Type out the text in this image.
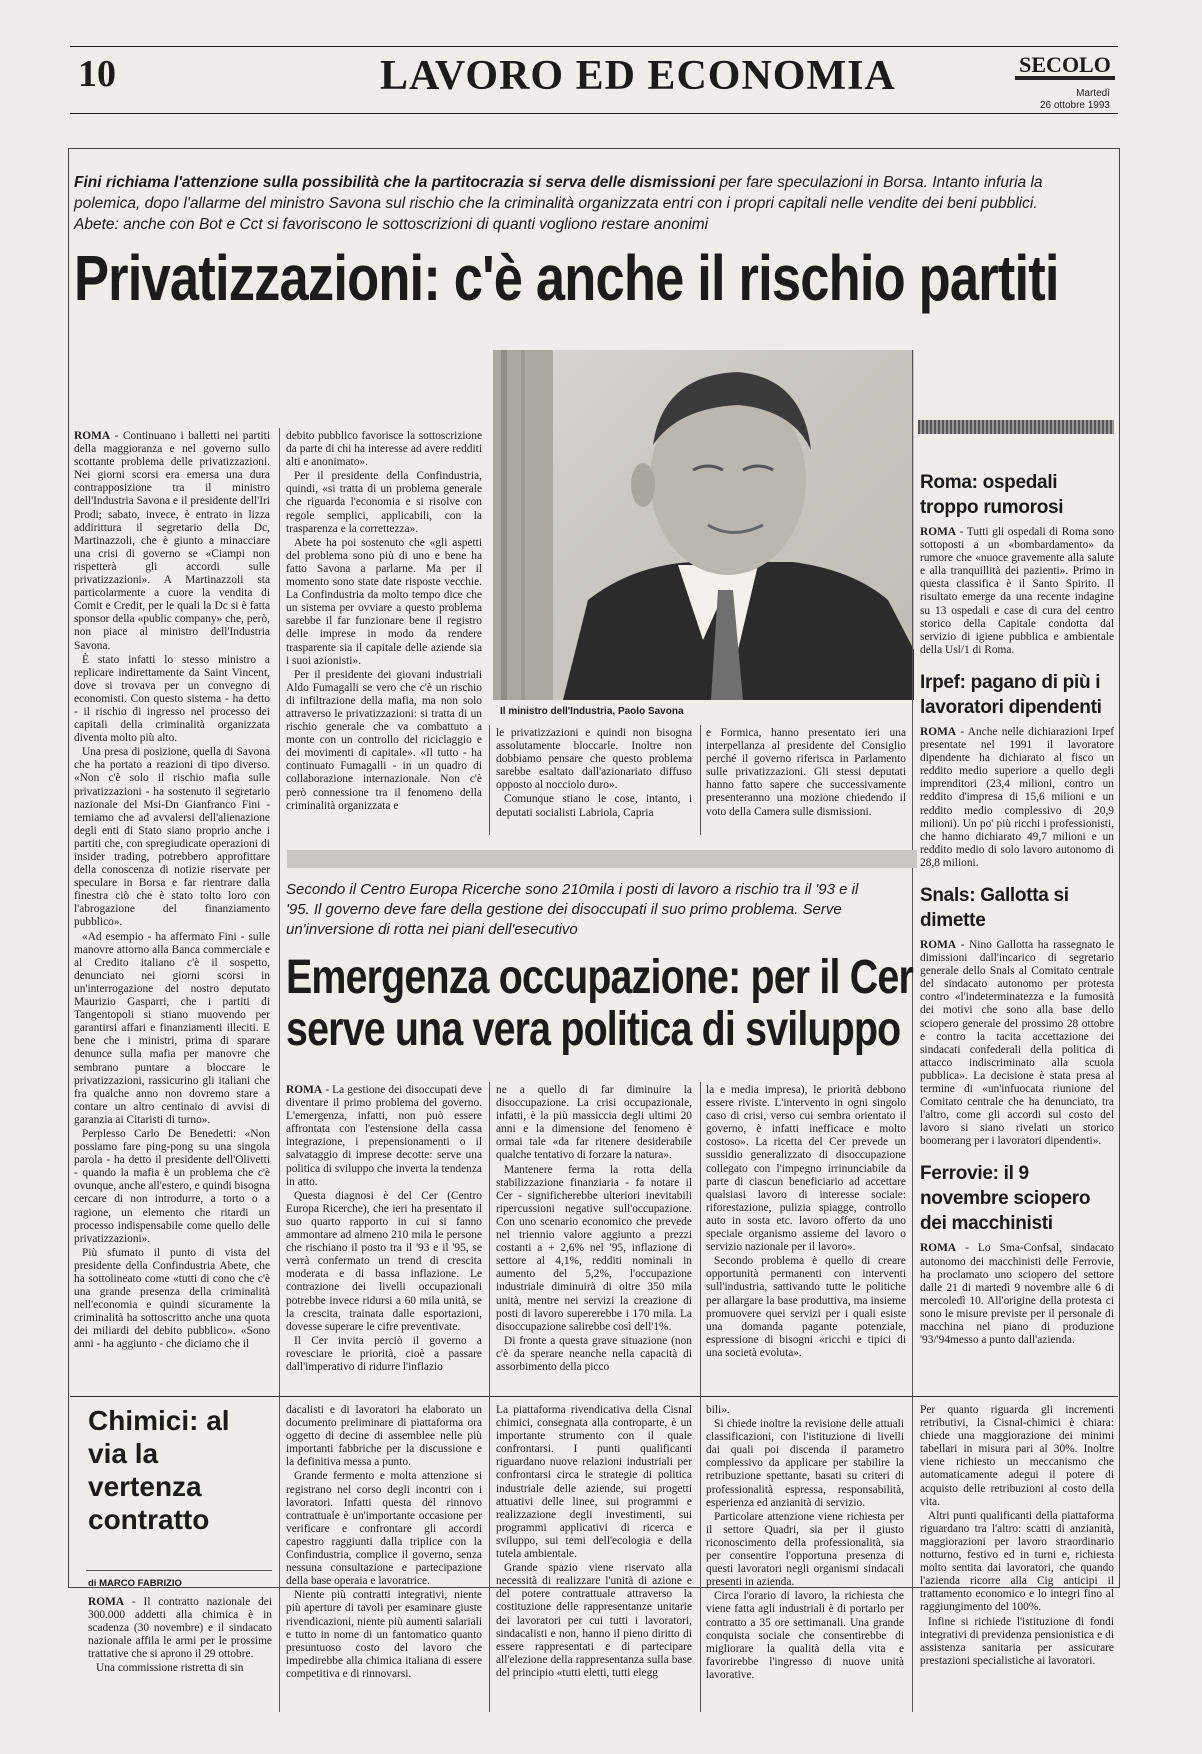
10	LAVORO ED ECONOMIA	SECOLO
Martedì
26 ottobre 1993
Fini richiama l'attenzione sulla possibilità che la partitocrazia si serva delle dismissioni per fare speculazioni in Borsa. Intanto infuria la polemica, dopo l'allarme del ministro Savona sul rischio che la criminalità organizzata entri con i propri capitali nelle vendite dei beni pubblici. Abete: anche con Bot e Cct si favoriscono le sottoscrizioni di quanti vogliono restare anonimi
Privatizzazioni: c'è anche il rischio partiti
Il ministro dell'Industria, Paolo Savona

ROMA - Continuano i balletti nei partiti della maggioranza e nel governo sullo scottante problema delle privatizzazioni. Nei giorni scorsi era emersa una dura contrapposizione tra il ministro dell'Industria Savona e il presidente dell'Iri Prodi; sabato, invece, è entrato in lizza addirittura il segretario della Dc, Martinazzoli, che è giunto a minacciare una crisi di governo se «Ciampi non rispetterà gli accordi sulle privatizzazioni». A Martinazzoli sta particolarmente a cuore la vendita di Comit e Credit, per le quali la Dc si è fatta sponsor della «public company» che, però, non piace al ministro dell'Industria Savona.

È stato infatti lo stesso ministro a replicare indirettamente da Saint Vincent, dove si trovava per un convegno di economisti. Con questo sistema - ha detto - il rischio di ingresso nel processo dei capitali della criminalità organizzata diventa molto più alto.

Una presa di posizione, quella di Savona che ha portato a reazioni di tipo diverso. «Non c'è solo il rischio mafia sulle privatizzazioni - ha sostenuto il segretario nazionale del Msi-Dn Gianfranco Fini - temiamo che ad avvalersi dell'alienazione degli enti di Stato siano proprio anche i partiti che, con spregiudicate operazioni di insider trading, potrebbero approfittare della conoscenza di notizie riservate per speculare in Borsa e far rientrare dalla finestra ciò che è stato tolto loro con l'abrogazione del finanziamento pubblico».

«Ad esempio - ha affermato Fini - sulle manovre attorno alla Banca commerciale e al Credito italiano c'è il sospetto, denunciato nei giorni scorsi in un'interrogazione del nostro deputato Maurizio Gasparri, che i partiti di Tangentopoli si stiano muovendo per garantirsi affari e finanziamenti illeciti. E bene che i ministri, prima di sparare denunce sulla mafia per manovre che sembrano puntare a bloccare le privatizzazioni, rassicurino gli italiani che fra qualche anno non dovremo stare a contare un altro centinaio di avvisi di garanzia ai Citaristi di turno».

Perplesso Carlo De Benedetti: «Non possiamo fare ping-pong su una singola parola - ha detto il presidente dell'Olivetti - quando la mafia è un problema che c'è ovunque, anche all'estero, e quindi bisogna cercare di non introdurre, a torto o a ragione, un elemento che ritardi un processo indispensabile come quello delle privatizzazioni».

Più sfumato il punto di vista del presidente della Confindustria Abete, che ha sottolineato come «tutti di cono che c'è una grande presenza della criminalità nell'economia e quindi sicuramente la criminalità ha sottoscritto anche una quota dei miliardi del debito pubblico». «Sono anni - ha aggiunto - che diciamo che il

debito pubblico favorisce la sottoscrizione da parte di chi ha interesse ad avere redditi alti e anonimato».

Per il presidente della Confindustria, quindi, «si tratta di un problema generale che riguarda l'economia e si risolve con regole semplici, applicabili, con la trasparenza e la correttezza».

Abete ha poi sostenuto che «gli aspetti del problema sono più di uno e bene ha fatto Savona a parlarne. Ma per il momento sono state date risposte vecchie. La Confindustria da molto tempo dice che un sistema per ovviare a questo problema sarebbe il far funzionare bene il registro delle imprese in modo da rendere trasparente sia il capitale delle aziende sia i suoi azionisti».

Per il presidente dei giovani industriali Aldo Fumagalli se vero che c'è un rischio di infiltrazione della mafia, ma non solo attraverso le privatizzazioni: si tratta di un rischio generale che va combattuto a monte con un controllo del riciclaggio e dei movimenti di capitale». «Il tutto - ha continuato Fumagalli - in un quadro di collaborazione internazionale. Non c'è però connessione tra il fenomeno della criminalità organizzata e

le privatizzazioni e quindi non bisogna assolutamente bloccarle. Inoltre non dobbiamo pensare che questo problema sarebbe esaltato dall'azionariato diffuso opposto al nocciolo duro».

Comunque stiano le cose, intanto, i deputati socialisti Labriola, Capria

e Formica, hanno presentato ieri una interpellanza al presidente del Consiglio perché il governo riferisca in Parlamento sulle privatizzazioni. Gli stessi deputati hanno fatto sapere che successivamente presenteranno una mozione chiedendo il voto della Camera sulle dismissioni.

Secondo il Centro Europa Ricerche sono 210mila i posti di lavoro a rischio tra il '93 e il '95. Il governo deve fare della gestione dei disoccupati il suo primo problema. Serve un'inversione di rotta nei piani dell'esecutivo
Emergenza occupazione: per il Cer
serve una vera politica di sviluppo

ROMA - La gestione dei disoccupati deve diventare il primo problema del governo. L'emergenza, infatti, non può essere affrontata con l'estensione della cassa integrazione, i prepensionamenti o il salvataggio di imprese decotte: serve una politica di sviluppo che inverta la tendenza in atto.

Questa diagnosi è del Cer (Centro Europa Ricerche), che ieri ha presentato il suo quarto rapporto in cui si fanno ammontare ad almeno 210 mila le persone che rischiano il posto tra il '93 e il '95, se verrà confermato un trend di crescita moderata e di bassa inflazione. Le contrazione dei livelli occupazionali potrebbe invece ridursi a 60 mila unità, se la crescita, trainata dalle esportazioni, dovesse superare le cifre preventivate.

Il Cer invita perciò il governo a rovesciare le priorità, cioè a passare dall'imperativo di ridurre l'inflazio

ne a quello di far diminuire la disoccupazione. La crisi occupazionale, infatti, è la più massiccia degli ultimi 20 anni e la dimensione del fenomeno è ormai tale «da far ritenere desiderabile qualche tentativo di forzare la natura».

Mantenere ferma la rotta della stabilizzazione finanziaria - fa notare il Cer - significherebbe ulteriori inevitabili ripercussioni negative sull'occupazione. Con uno scenario economico che prevede nel triennio valore aggiunto a prezzi costanti a + 2,6% nel '95, inflazione di settore al 4,1%, redditi nominali in aumento del 5,2%, l'occupazione industriale diminuirà di oltre 350 mila unità, mentre nei servizi la creazione di posti di lavoro supererebbe i 170 mila. La disoccupazione salirebbe così dell'1%.

Di fronte a questa grave situazione (non c'è da sperare neanche nella capacità di assorbimento della picco

la e media impresa), le priorità debbono essere riviste. L'intervento in ogni singolo caso di crisi, verso cui sembra orientato il governo, è infatti inefficace e molto costoso». La ricetta del Cer prevede un sussidio generalizzato di disoccupazione collegato con l'impegno irrinunciabile da parte di ciascun beneficiario ad accettare qualsiasi lavoro di interesse sociale: riforestazione, pulizia spiagge, controllo auto in sosta etc. lavoro offerto da uno speciale organismo assieme del lavoro o servizio nazionale per il lavoro».

Secondo problema è quello di creare opportunità permanenti con interventi sull'industria, sattivando tutte le politiche per allargare la base produttiva, ma insieme promuovere quei servizi per i quali esiste una domanda pagante potenziale, espressione di bisogni «ricchi e tipici di una società evoluta».

Roma: ospedali troppo rumorosi

ROMA - Tutti gli ospedali di Roma sono sottoposti a un «bombardamento» da rumore che «nuoce gravemente alla salute e alla tranquillità dei pazienti». Primo in questa classifica è il Santo Spirito. Il risultato emerge da una recente indagine su 13 ospedali e case di cura del centro storico della Capitale condotta dal servizio di igiene pubblica e ambientale della Usl/1 di Roma.

Irpef: pagano di più i lavoratori dipendenti

ROMA - Anche nelle dichiarazioni Irpef presentate nel 1991 il lavoratore dipendente ha dichiarato al fisco un reddito medio superiore a quello degli imprenditori (23,4 milioni, contro un reddito d'impresa di 15,6 milioni e un reddito medio complessivo di 20,9 milioni). Un po' più ricchi i professionisti, che hanno dichiarato 49,7 milioni e un reddito medio di solo lavoro autonomo di 28,8 milioni.

Snals: Gallotta si dimette

ROMA - Nino Gallotta ha rassegnato le dimissioni dall'incarico di segretario generale dello Snals al Comitato centrale del sindacato autonomo per protesta contro «l'indeterminatezza e la fumosità dei motivi che sono alla base dello sciopero generale del prossimo 28 ottobre e contro la tacita accettazione dei sindacati confederali della politica di attacco indiscriminato alla scuola pubblica». La decisione è stata presa al termine di «un'infuocata riunione del Comitato centrale che ha denunciato, tra l'altro, come gli accordi sul costo del lavoro si siano rivelati un storico boomerang per i lavoratori dipendenti».

Ferrovie: il 9 novembre sciopero dei macchinisti

ROMA - Lo Sma-Confsal, sindacato autonomo dei macchinisti delle Ferrovie, ha proclamato uno sciopero del settore dalle 21 di martedì 9 novembre alle 6 di mercoledì 10. All'origine della protesta ci sono le misure previste per il personale di macchina nel piano di produzione '93/'94messo a punto dall'azienda.

Chimici: al via la vertenza contratto
di MARCO FABRIZIO

ROMA - Il contratto nazionale dei 300.000 addetti alla chimica è in scadenza (30 novembre) e il sindacato nazionale affila le armi per le prossime trattative che si aprono il 29 ottobre.

Una commissione ristretta di sin

dacalisti e di lavoratori ha elaborato un documento preliminare di piattaforma ora oggetto di decine di assemblee nelle più importanti fabbriche per la discussione e la definitiva messa a punto.

Grande fermento e molta attenzione si registrano nel corso degli incontri con i lavoratori. Infatti questa del rinnovo contrattuale è un'importante occasione per verificare e confrontare gli accordi capestro raggiunti dalla triplice con la Confindustria, complice il governo, senza nessuna consultazione e partecipazione della base operaia e lavoratrice.

Niente più contratti integrativi, niente più aperture di tavoli per esaminare giuste rivendicazioni, niente più aumenti salariali e tutto in nome di un fantomatico quanto presuntuoso costo del lavoro che impedirebbe alla chimica italiana di essere competitiva e di rinnovarsi.

La piattaforma rivendicativa della Cisnal chimici, consegnata alla controparte, è un importante strumento con il quale confrontarsi. I punti qualificanti riguardano nuove relazioni industriali per confrontarsi circa le strategie di politica industriale delle aziende, sui progetti attuativi delle linee, sui programmi e realizzazione degli investimenti, sui programmi applicativi di ricerca e sviluppo, sui temi dell'ecologia e della tutela ambientale.

Grande spazio viene riservato alla necessità di realizzare l'unità di azione e del potere contrattuale attraverso la costituzione delle rappresentanze unitarie dei lavoratori per cui tutti i lavoratori, sindacalisti e non, hanno il pieno diritto di essere rappresentati e di partecipare all'elezione della rappresentanza sulla base del principio «tutti eletti, tutti elegg

bili».

Si chiede inoltre la revisione delle attuali classificazioni, con l'istituzione di livelli dai quali poi discenda il parametro complessivo da applicare per stabilire la retribuzione spettante, basati su criteri di professionalità espressa, responsabilità, esperienza ed anzianità di servizio.

Particolare attenzione viene richiesta per il settore Quadri, sia per il giusto riconoscimento della professionalità, sia per consentire l'opportuna presenza di questi lavoratori negli organismi sindacali presenti in azienda.

Circa l'orario di lavoro, la richiesta che viene fatta agli industriali è di portarlo per contratto a 35 ore settimanali. Una grande conquista sociale che consentirebbe di migliorare la qualità della vita e favorirebbe l'ingresso di nuove unità lavorative.

Per quanto riguarda gli incrementi retributivi, la Cisnal-chimici è chiara: chiede una maggiorazione dei minimi tabellari in misura pari al 30%. Inoltre viene richiesto un meccanismo che automaticamente adegui il potere di acquisto delle retribuzioni al costo della vita.

Altri punti qualificanti della piattaforma riguardano tra l'altro: scatti di anzianità, maggiorazioni per lavoro straordinario notturno, festivo ed in turni e, richiesta molto sentita dai lavoratori, che quando l'azienda ricorre alla Cig anticipi il trattamento economico e lo integri fino al raggiungimento del 100%.

Infine si richiede l'istituzione di fondi integrativi di previdenza pensionistica e di assistenza sanitaria per assicurare prestazioni specialistiche ai lavoratori.
